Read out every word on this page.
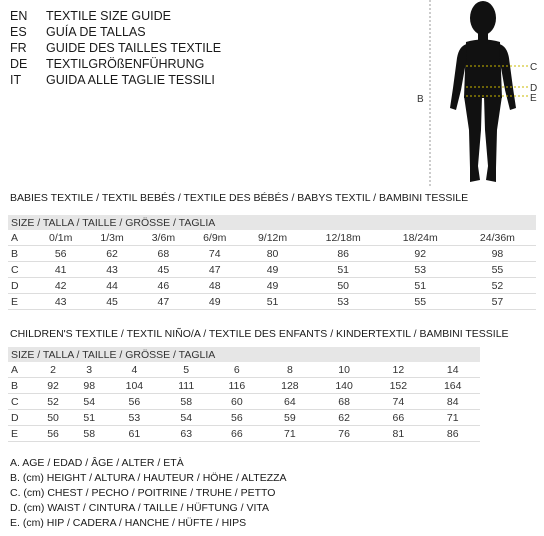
EN	TEXTILE SIZE GUIDE
ES	GUÍA DE TALLAS
FR	GUIDE DES TAILLES TEXTILE
DE	TEXTILGRÖßENFÜHRUNG
IT	GUIDA ALLE TAGLIE TESSILI
B
C
D
E
BABIES TEXTILE / TEXTIL BEBÉS / TEXTILE DES BÉBÉS / BABYS TEXTIL / BAMBINI TESSILE
SIZE / TALLA / TAILLE / GRÖSSE / TAGLIA								
A	0/1m	1/3m	3/6m	6/9m	9/12m	12/18m	18/24m	24/36m
B	56	62	68	74	80	86	92	98
C	41	43	45	47	49	51	53	55
D	42	44	46	48	49	50	51	52
E	43	45	47	49	51	53	55	57
CHILDREN'S TEXTILE / TEXTIL NIÑO/A / TEXTILE DES ENFANTS / KINDERTEXTIL / BAMBINI TESSILE
SIZE / TALLA / TAILLE / GRÖSSE / TAGLIA									
A	2	3	4	5	6	8	10	12	14
B	92	98	104	111	116	128	140	152	164
C	52	54	56	58	60	64	68	74	84
D	50	51	53	54	56	59	62	66	71
E	56	58	61	63	66	71	76	81	86
A. AGE / EDAD / ÂGE / ALTER / ETÀ
B. (cm) HEIGHT / ALTURA / HAUTEUR / HÖHE / ALTEZZA
C. (cm) CHEST / PECHO / POITRINE / TRUHE / PETTO
D. (cm) WAIST / CINTURA / TAILLE / HÜFTUNG / VITA
E. (cm) HIP / CADERA / HANCHE / HÜFTE / HIPS
